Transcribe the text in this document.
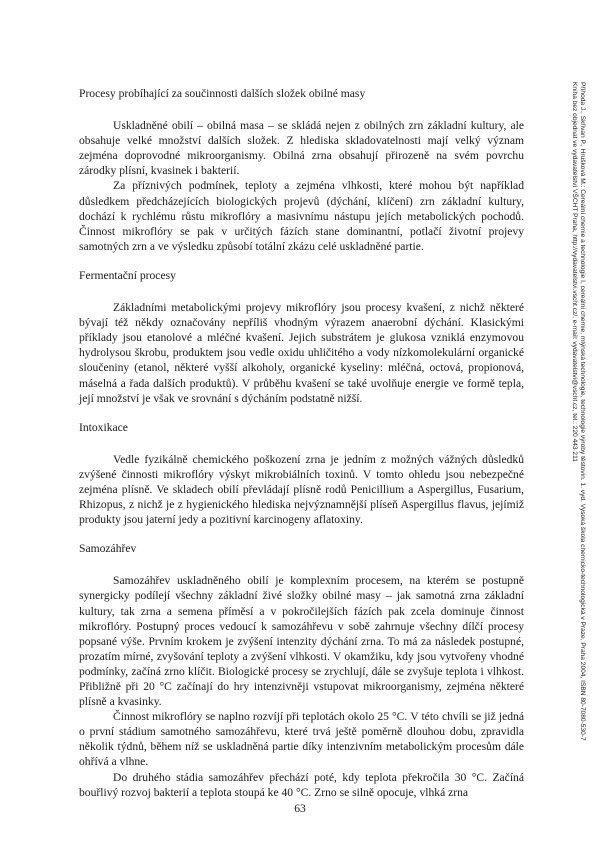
Procesy probíhající za součinnosti dalších složek obilné masy

Uskladněné obilí – obilná masa – se skládá nejen z obilných zrn základní kultury, ale obsahuje velké množství dalších složek. Z hlediska skladovatelnosti mají velký význam zejména doprovodné mikroorganismy. Obilná zrna obsahují přirozeně na svém povrchu zárodky plísní, kvasinek i bakterií.

Za příznivých podmínek, teploty a zejména vlhkosti, které mohou být například důsledkem předcházejících biologických projevů (dýchání, klíčení) zrn základní kultury, dochází k rychlému růstu mikroflóry a masivnímu nástupu jejích metabolických pochodů. Činnost mikroflóry se pak v určitých fázích stane dominantní, potlačí životní projevy samotných zrn a ve výsledku způsobí totální zkázu celé uskladněné partie.

Fermentační procesy

Základními metabolickými projevy mikroflóry jsou procesy kvašení, z nichž některé bývají též někdy označovány nepříliš vhodným výrazem anaerobní dýchání. Klasickými příklady jsou etanolové a mléčné kvašení. Jejich substrátem je glukosa vzniklá enzymovou hydrolysou škrobu, produktem jsou vedle oxidu uhličitého a vody nízkomolekulární organické sloučeniny (etanol, některé vyšší alkoholy, organické kyseliny: mléčná, octová, propionová, máselná a řada dalších produktů). V průběhu kvašení se také uvolňuje energie ve formě tepla, její množství je však ve srovnání s dýcháním podstatně nižší.

Intoxikace

Vedle fyzikálně chemického poškození zrna je jedním z možných vážných důsledků zvýšené činnosti mikroflóry výskyt mikrobiálních toxinů. V tomto ohledu jsou nebezpečné zejména plísně. Ve skladech obilí převládají plísně rodů Penicillium a Aspergillus, Fusarium, Rhizopus, z nichž je z hygienického hlediska nejvýznamnější plíseň Aspergillus flavus, jejímiž produkty jsou jaterní jedy a pozitivní karcinogeny aflatoxiny.

Samozáhřev

Samozáhřev uskladněného obilí je komplexním procesem, na kterém se postupně synergicky podílejí všechny základní živé složky obilné masy – jak samotná zrna základní kultury, tak zrna a semena příměsí a v pokročilejších fázích pak zcela dominuje činnost mikroflóry. Postupný proces vedoucí k samozáhřevu v sobě zahrnuje všechny dílčí procesy popsané výše. Prvním krokem je zvýšení intenzity dýchání zrna. To má za následek postupné, prozatím mírné, zvyšování teploty a zvýšení vlhkosti. V okamžiku, kdy jsou vytvořeny vhodné podmínky, začíná zrno klíčit. Biologické procesy se zrychlují, dále se zvyšuje teplota i vlhkost. Přibližně při 20 °C začínají do hry intenzivněji vstupovat mikroorganismy, zejména některé plísně a kvasinky.

Činnost mikroflóry se naplno rozvíjí při teplotách okolo 25 °C. V této chvíli se již jedná o první stádium samotného samozáhřevu, které trvá ještě poměrně dlouhou dobu, zpravidla několik týdnů, během níž se uskladněná partie díky intenzivním metabolickým procesům dále ohřívá a vlhne.

Do druhého stádia samozáhřev přechází poté, kdy teplota překročila 30 °C. Začíná bouřlivý rozvoj bakterií a teplota stoupá ke 40 °C. Zrno se silně opocuje, vlhká zrna

63
Příhoda J., Skřivan P., Hrušková M.: Cereální chemie a technologie I, cereální chemie, mlýnská technologie, technologie výroby těstovin. 1. vyd. Vysoká škola chemicko-technologická v Praze, Praha 2004, ISBN 80-7080-530-7
Kniha bez objednat ve vydavatelství VŠCHT Praha, http://vydavatelstvi.vscht.cz/, e-mail: vydavatelstvi@vscht.cz, tel.: 220 443 211
